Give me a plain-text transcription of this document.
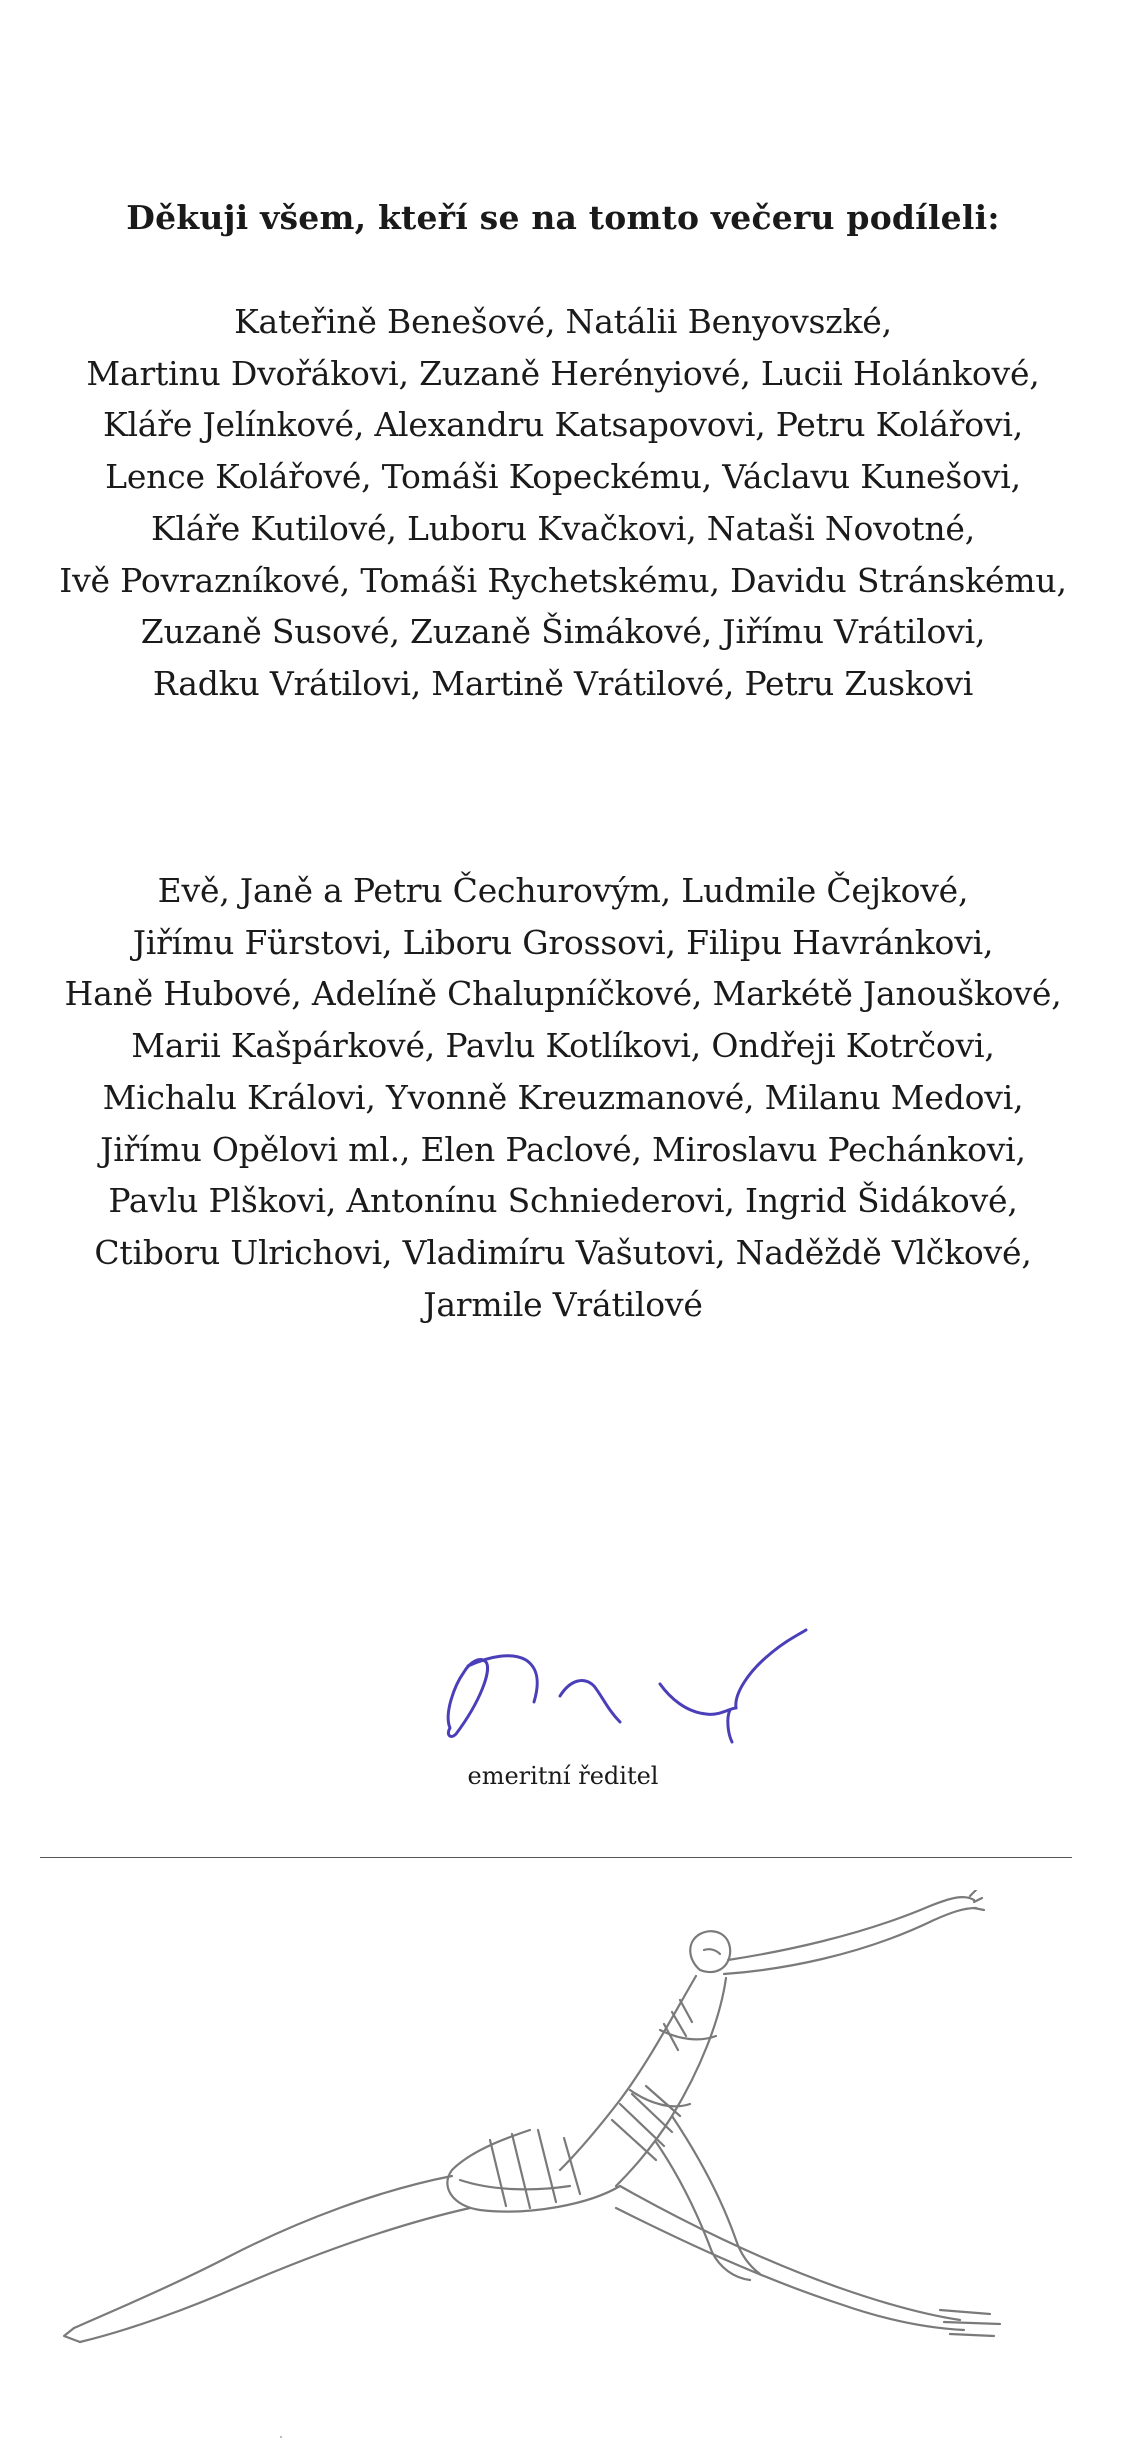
Děkuji všem, kteří se na tomto večeru podíleli:
Kateřině Benešové, Natálii Benyovszké,
Martinu Dvořákovi, Zuzaně Herényiové, Lucii Holánkové,
Kláře Jelínkové, Alexandru Katsapovovi, Petru Kolářovi,
Lence Kolářové, Tomáši Kopeckému, Václavu Kunešovi,
Kláře Kutilové, Luboru Kvačkovi, Nataši Novotné,
Ivě Povrazníkové, Tomáši Rychetskému, Davidu Stránskému,
Zuzaně Susové, Zuzaně Šimákové, Jiřímu Vrátilovi,
Radku Vrátilovi, Martině Vrátilové, Petru Zuskovi
Evě, Janě a Petru Čechurovým, Ludmile Čejkové,
Jiřímu Fürstovi, Liboru Grossovi, Filipu Havránkovi,
Haně Hubové, Adelíně Chalupníčkové, Markétě Janouškové,
Marii Kašpárkové, Pavlu Kotlíkovi, Ondřeji Kotrčovi,
Michalu Královi, Yvonně Kreuzmanové, Milanu Medovi,
Jiřímu Opělovi ml., Elen Paclové, Miroslavu Pechánkovi,
Pavlu Plškovi, Antonínu Schniederovi, Ingrid Šidákové,
Ctiboru Ulrichovi, Vladimíru Vašutovi, Naděždě Vlčkové,
Jarmile Vrátilové
emeritní ředitel
